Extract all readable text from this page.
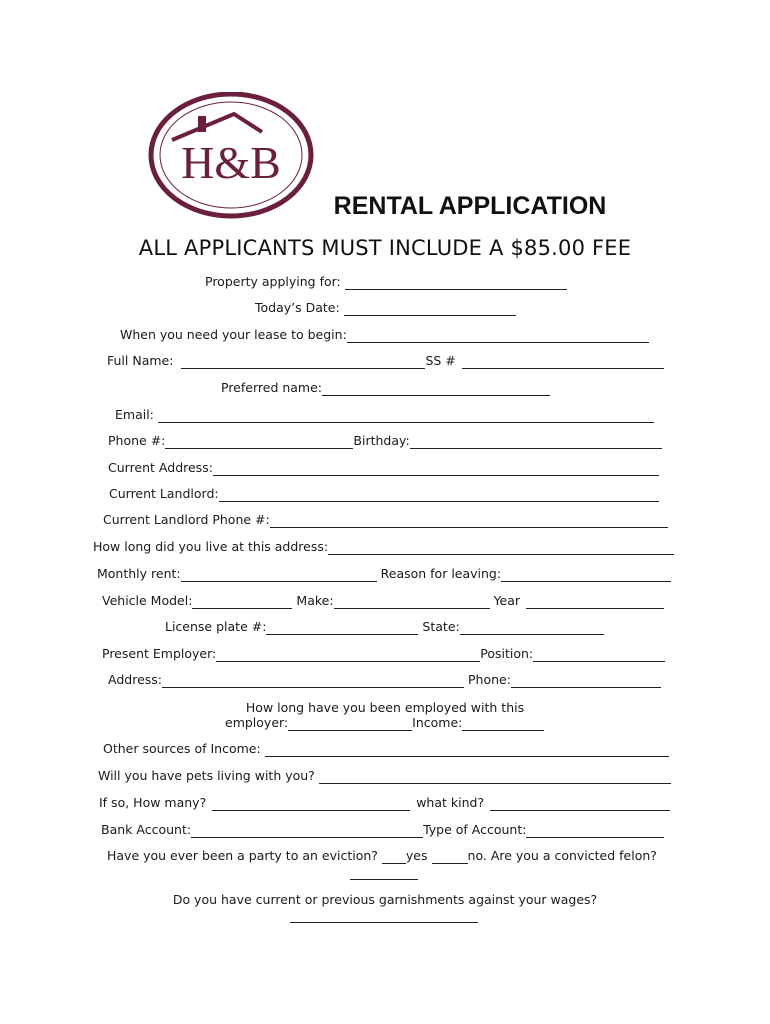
H&B
RENTAL APPLICATION
ALL APPLICANTS MUST INCLUDE A $85.00 FEE
Property applying for:
Today’s Date:
When you need your lease to begin:
Full Name:	SS #
Preferred name:
Email:
Phone #:	Birthday:
Current Address:
Current Landlord:
Current Landlord Phone #:
How long did you live at this address:
Monthly rent:	Reason for leaving:
Vehicle Model:	Make:	Year
License plate #:	State:
Present Employer:	Position:
Address:	Phone:
How long have you been employed with this
employer:	Income:
Other sources of Income:
Will you have pets living with you?
If so, How many?	what kind?
Bank Account:	Type of Account:
Have you ever been a party to an eviction? yes	no. Are you a convicted felon?
Do you have current or previous garnishments against your wages?
